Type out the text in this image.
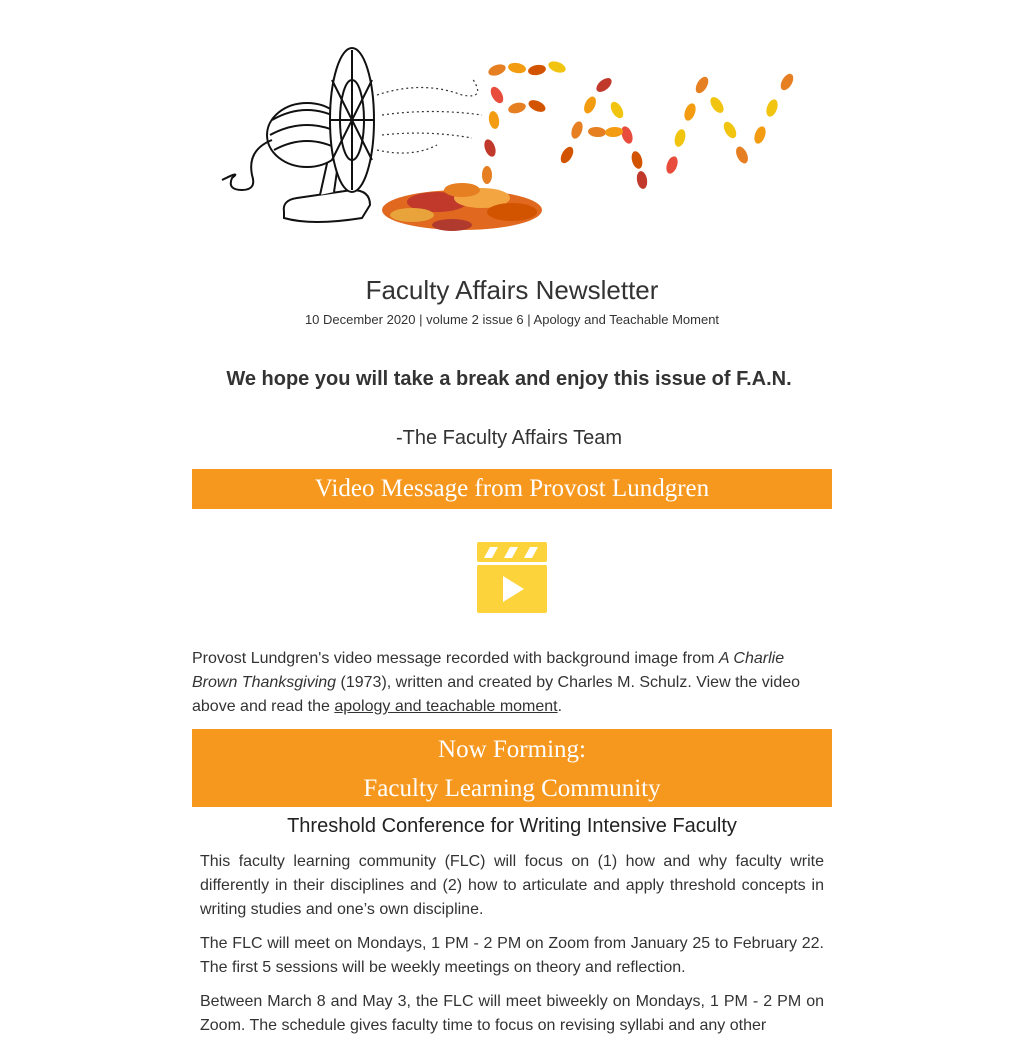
Faculty Affairs Newsletter
10 December 2020 | volume 2 issue 6 | Apology and Teachable Moment
We hope you will take a break and enjoy this issue of F.A.N.
-The Faculty Affairs Team
Video Message from Provost Lundgren
Provost Lundgren's video message recorded with background image from A Charlie Brown Thanksgiving (1973), written and created by Charles M. Schulz. View the video above and read the apology and teachable moment.
Now Forming:
Faculty Learning Community
Threshold Conference for Writing Intensive Faculty
This faculty learning community (FLC) will focus on (1) how and why faculty write differently in their disciplines and (2) how to articulate and apply threshold concepts in writing studies and one’s own discipline.
The FLC will meet on Mondays, 1 PM - 2 PM on Zoom from January 25 to February 22. The first 5 sessions will be weekly meetings on theory and reflection.
Between March 8 and May 3, the FLC will meet biweekly on Mondays, 1 PM - 2 PM on Zoom. The schedule gives faculty time to focus on revising syllabi and any other
